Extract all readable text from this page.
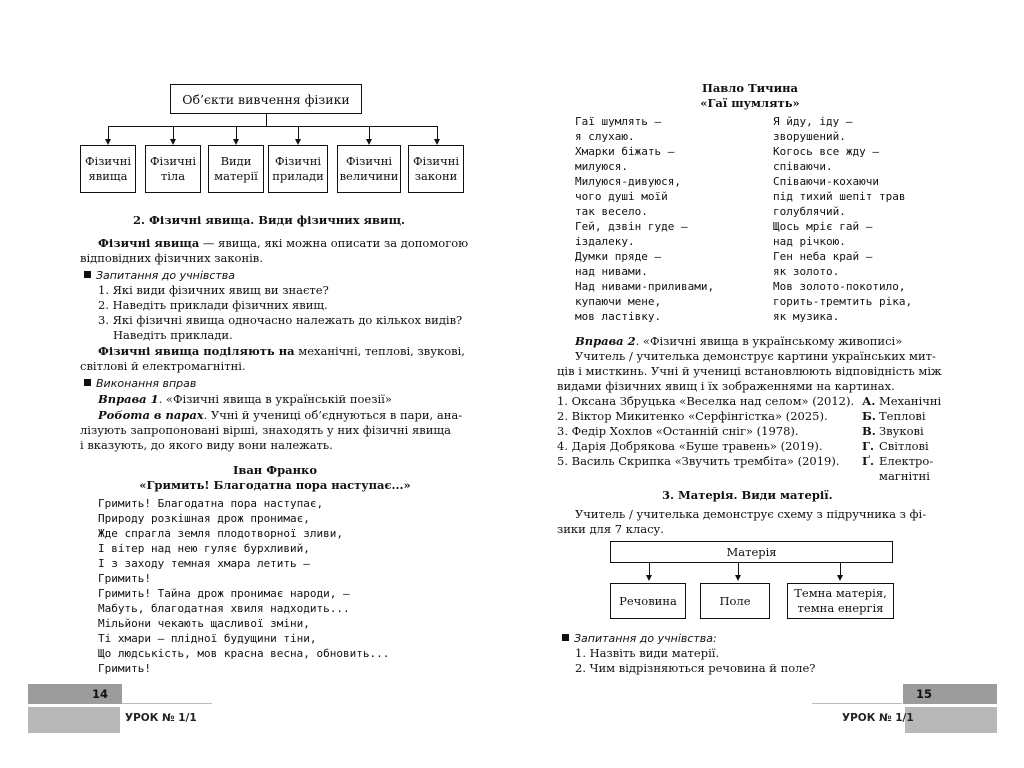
Об’єкти вивчення фізики
Фізичні
явища
Фізичні
тіла
Види
матерії
Фізичні
прилади
Фізичні
величини
Фізичні
закони
2. Фізичні явища. Види фізичних явищ.
Фізичні явища — явища, які можна описати за допомогою
відповідних фізичних законів.
Запитання до учнівства
1. Які види фізичних явищ ви знаєте?
2. Наведіть приклади фізичних явищ.
3. Які фізичні явища одночасно належать до кількох видів?
Наведіть приклади.
Фізичні явища поділяють на механічні, теплові, звукові,
світлові й електромагнітні.
Виконання вправ
Вправа 1. «Фізичні явища в українській поезії»
Робота в парах. Учні й учениці об’єднуються в пари, ана-
лізують запропоновані вірші, знаходять у них фізичні явища
і вказують, до якого виду вони належать.
Іван Франко
«Гримить! Благодатна пора наступає...»
Гримить! Благодатна пора наступає,
Природу розкішная дрож пронимає,
Жде спрагла земля плодотворної зливи,
І вітер над нею гуляє бурхливий,
І з заходу темная хмара летить —
Гримить!
Гримить! Тайна дрож пронимає народи, —
Мабуть, благодатная хвиля надходить...
Мільйони чекають щасливої зміни,
Ті хмари — плідної будущини тіни,
Що людськість, мов красна весна, обновить...
Гримить!
14
УРОК № 1/1
Павло Тичина
«Гаї шумлять»
Гаї шумлять —
я слухаю.
Хмарки біжать —
милуюся.
Милуюся-дивуюся,
чого душі моїй
так весело.
Гей, дзвін гуде —
іздалеку.
Думки пряде —
над нивами.
Над нивами-приливами,
купаючи мене,
мов ластівку.
Я йду, іду —
зворушений.
Когось все жду —
співаючи.
Співаючи-кохаючи
під тихий шепіт трав
голублячий.
Щось мріє гай —
над річкою.
Ген неба край —
як золото.
Мов золото-покотило,
горить-тремтить ріка,
як музика.
Вправа 2. «Фізичні явища в українському живописі»
Учитель / учителька демонструє картини українських мит-
ців і мисткинь. Учні й учениці встановлюють відповідність між
видами фізичних явищ і їх зображеннями на картинах.
1. Оксана Збруцька «Веселка над селом» (2012).
2. Віктор Микитенко «Серфінгістка» (2025).
3. Федір Хохлов «Останній сніг» (1978).
4. Дарія Добрякова «Буше травень» (2019).
5. Василь Скрипка «Звучить трембіта» (2019).
А.
Б.
В.
Г.
Ґ.
Механічні
Теплові
Звукові
Світлові
Електро-
магнітні
3. Матерія. Види матерії.
Учитель / учителька демонструє схему з підручника з фі-
зики для 7 класу.
Матерія
Речовина	Поле
Темна матерія,
темна енергія
Запитання до учнівства:
1. Назвіть види матерії.
2. Чим відрізняються речовина й поле?
15
УРОК № 1/1
